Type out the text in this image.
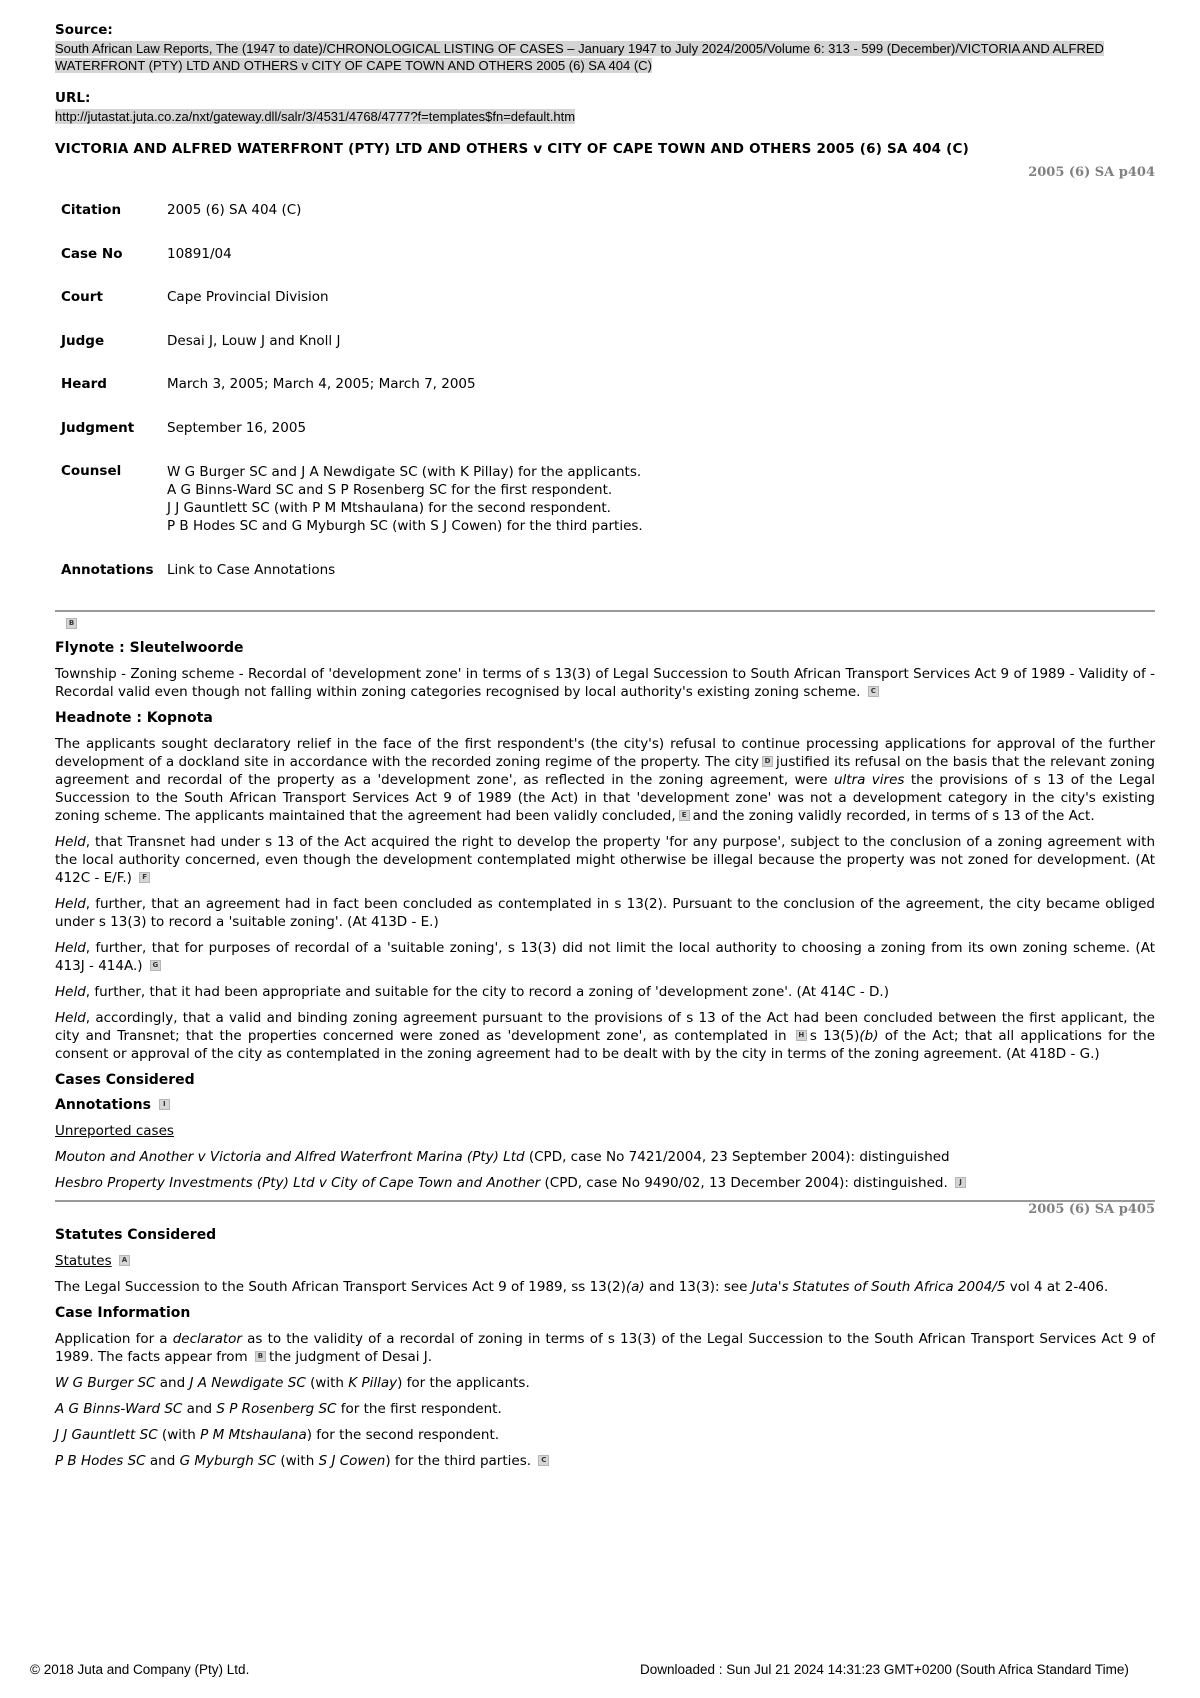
Source:
South African Law Reports, The (1947 to date)/CHRONOLOGICAL LISTING OF CASES – January 1947 to July 2024/2005/Volume 6: 313 - 599 (December)/VICTORIA AND ALFRED WATERFRONT (PTY) LTD AND OTHERS v CITY OF CAPE TOWN AND OTHERS 2005 (6) SA 404 (C)
URL:
http://jutastat.juta.co.za/nxt/gateway.dll/salr/3/4531/4768/4777?f=templates$fn=default.htm
VICTORIA AND ALFRED WATERFRONT (PTY) LTD AND OTHERS v CITY OF CAPE TOWN AND OTHERS 2005 (6) SA 404 (C)
2005 (6) SA p404
Citation	2005 (6) SA 404 (C)
Case No	10891/04
Court	Cape Provincial Division
Judge	Desai J, Louw J and Knoll J
Heard	March 3, 2005; March 4, 2005; March 7, 2005
Judgment	September 16, 2005
Counsel	W G Burger SC and J A Newdigate SC (with K Pillay) for the applicants.
A G Binns-Ward SC and S P Rosenberg SC for the first respondent.
J J Gauntlett SC (with P M Mtshaulana) for the second respondent.
P B Hodes SC and G Myburgh SC (with S J Cowen) for the third parties.

Annotations	Link to Case Annotations
B
Flynote : Sleutelwoorde

Township - Zoning scheme - Recordal of 'development zone' in terms of s 13(3) of Legal Succession to South African Transport Services Act 9 of 1989 - Validity of - Recordal valid even though not falling within zoning categories recognised by local authority's existing zoning scheme. C

Headnote : Kopnota

The applicants sought declaratory relief in the face of the first respondent's (the city's) refusal to continue processing applications for approval of the further development of a dockland site in accordance with the recorded zoning regime of the property. The city D justified its refusal on the basis that the relevant zoning agreement and recordal of the property as a 'development zone', as reflected in the zoning agreement, were ultra vires the provisions of s 13 of the Legal Succession to the South African Transport Services Act 9 of 1989 (the Act) in that 'development zone' was not a development category in the city's existing zoning scheme. The applicants maintained that the agreement had been validly concluded, E and the zoning validly recorded, in terms of s 13 of the Act.

Held, that Transnet had under s 13 of the Act acquired the right to develop the property 'for any purpose', subject to the conclusion of a zoning agreement with the local authority concerned, even though the development contemplated might otherwise be illegal because the property was not zoned for development. (At 412C - E/F.) F

Held, further, that an agreement had in fact been concluded as contemplated in s 13(2). Pursuant to the conclusion of the agreement, the city became obliged under s 13(3) to record a 'suitable zoning'. (At 413D - E.)

Held, further, that for purposes of recordal of a 'suitable zoning', s 13(3) did not limit the local authority to choosing a zoning from its own zoning scheme. (At 413J - 414A.) G

Held, further, that it had been appropriate and suitable for the city to record a zoning of 'development zone'. (At 414C - D.)

Held, accordingly, that a valid and binding zoning agreement pursuant to the provisions of s 13 of the Act had been concluded between the first applicant, the city and Transnet; that the properties concerned were zoned as 'development zone', as contemplated in H s 13(5)(b) of the Act; that all applications for the consent or approval of the city as contemplated in the zoning agreement had to be dealt with by the city in terms of the zoning agreement. (At 418D - G.)

Cases Considered
Annotations I

Unreported cases

Mouton and Another v Victoria and Alfred Waterfront Marina (Pty) Ltd (CPD, case No 7421/2004, 23 September 2004): distinguished

Hesbro Property Investments (Pty) Ltd v City of Cape Town and Another (CPD, case No 9490/02, 13 December 2004): distinguished. J

2005 (6) SA p405
Statutes Considered

Statutes A

The Legal Succession to the South African Transport Services Act 9 of 1989, ss 13(2)(a) and 13(3): see Juta's Statutes of South Africa 2004/5 vol 4 at 2-406.

Case Information

Application for a declarator as to the validity of a recordal of zoning in terms of s 13(3) of the Legal Succession to the South African Transport Services Act 9 of 1989. The facts appear from B the judgment of Desai J.

W G Burger SC and J A Newdigate SC (with K Pillay) for the applicants.

A G Binns-Ward SC and S P Rosenberg SC for the first respondent.

J J Gauntlett SC (with P M Mtshaulana) for the second respondent.

P B Hodes SC and G Myburgh SC (with S J Cowen) for the third parties. C

© 2018 Juta and Company (Pty) Ltd.	Downloaded : Sun Jul 21 2024 14:31:23 GMT+0200 (South Africa Standard Time)
